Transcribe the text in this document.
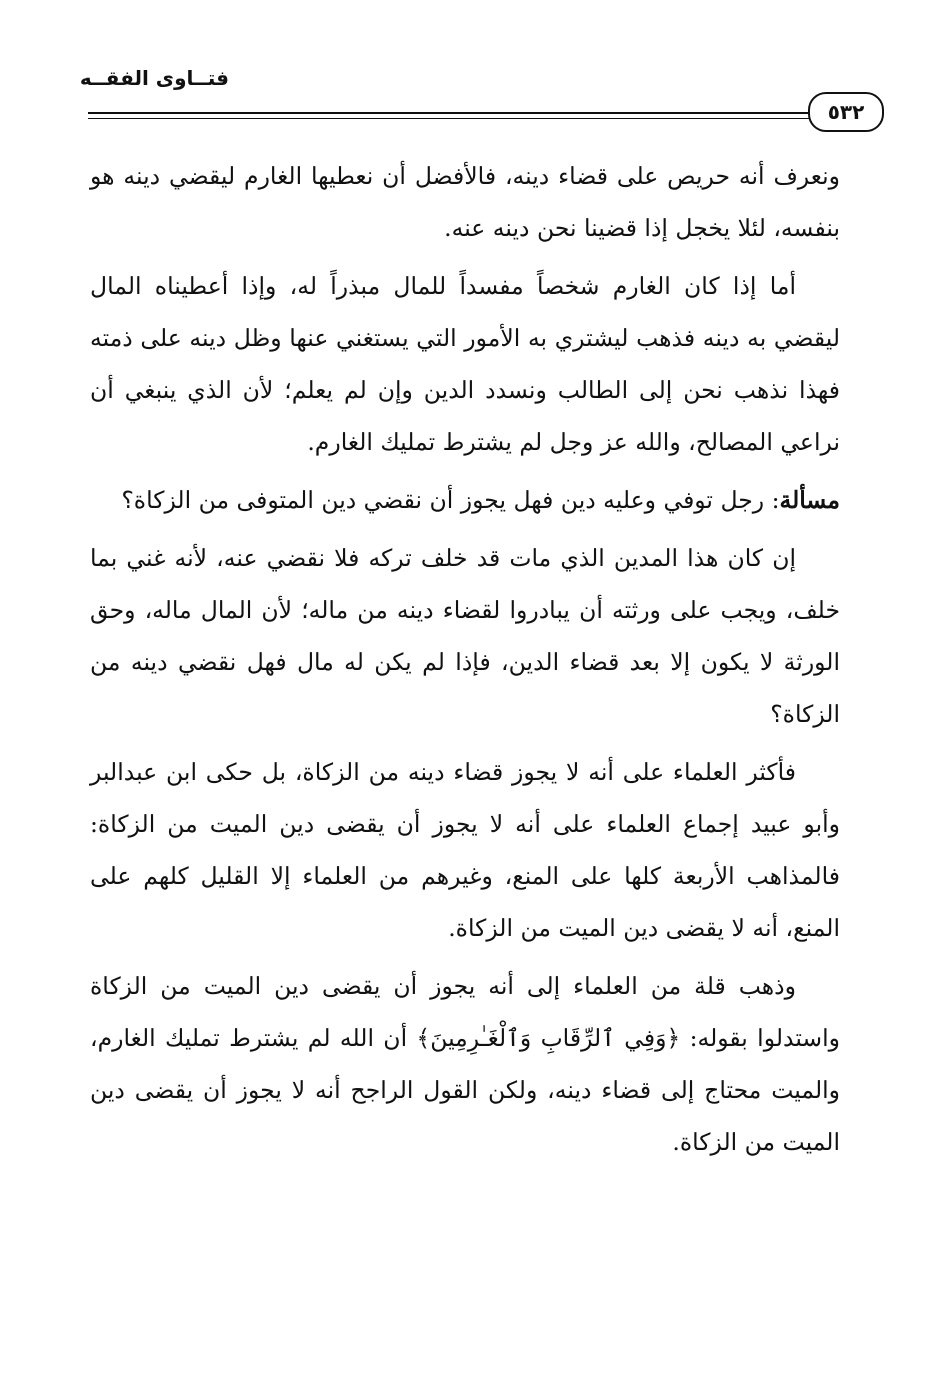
فتــاوى الفقــه
٥٣٢

ونعرف أنه حريص على قضاء دينه، فالأفضل أن نعطيها الغارم ليقضي دينه هو بنفسه، لئلا يخجل إذا قضينا نحن دينه عنه.

أما إذا كان الغارم شخصاً مفسداً للمال مبذراً له، وإذا أعطيناه المال ليقضي به دينه فذهب ليشتري به الأمور التي يستغني عنها وظل دينه على ذمته فهذا نذهب نحن إلى الطالب ونسدد الدين وإن لم يعلم؛ لأن الذي ينبغي أن نراعي المصالح، والله عز وجل لم يشترط تمليك الغارم.

مسألة: رجل توفي وعليه دين فهل يجوز أن نقضي دين المتوفى من الزكاة؟

إن كان هذا المدين الذي مات قد خلف تركه فلا نقضي عنه، لأنه غني بما خلف، ويجب على ورثته أن يبادروا لقضاء دينه من ماله؛ لأن المال ماله، وحق الورثة لا يكون إلا بعد قضاء الدين، فإذا لم يكن له مال فهل نقضي دينه من الزكاة؟

فأكثر العلماء على أنه لا يجوز قضاء دينه من الزكاة، بل حكى ابن عبدالبر وأبو عبيد إجماع العلماء على أنه لا يجوز أن يقضى دين الميت من الزكاة: فالمذاهب الأربعة كلها على المنع، وغيرهم من العلماء إلا القليل كلهم على المنع، أنه لا يقضى دين الميت من الزكاة.

وذهب قلة من العلماء إلى أنه يجوز أن يقضى دين الميت من الزكاة واستدلوا بقوله: ﴿وَفِي ٱلرِّقَابِ وَٱلْغَـٰرِمِينَ﴾ أن الله لم يشترط تمليك الغارم، والميت محتاج إلى قضاء دينه، ولكن القول الراجح أنه لا يجوز أن يقضى دين الميت من الزكاة.
